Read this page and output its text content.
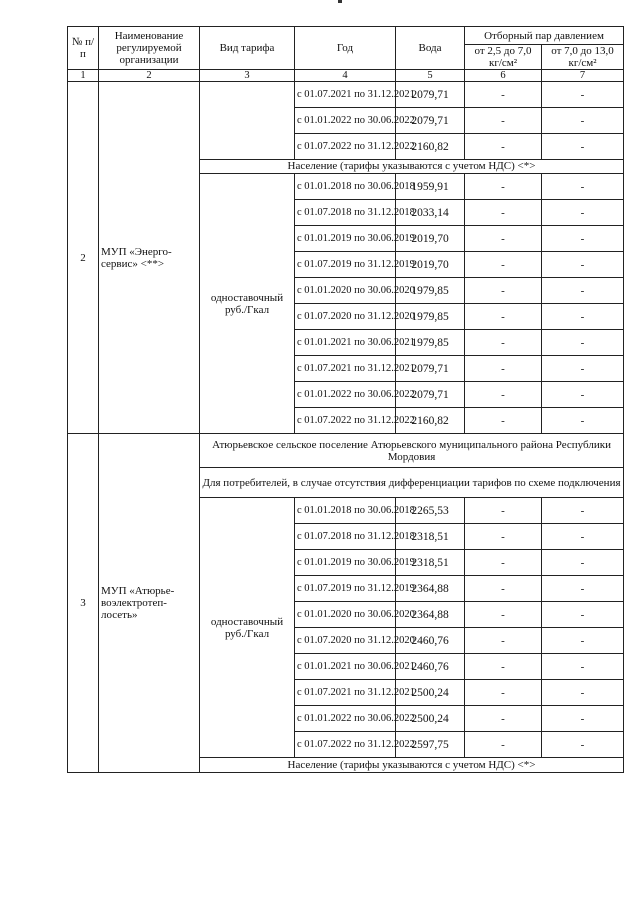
№ п/п	Наименование регулируемой организации	Вид тарифа	Год	Вода	Отборный пар давлением	
					от 2,5 до 7,0 кг/см²	от 7,0 до 13,0 кг/см²
1	2	3	4	5	6	7
2	МУП «Энерго-сервис» <**>		с 01.07.2021 по 31.12.2021	2079,71	-	-
			с 01.01.2022 по 30.06.2022	2079,71	-	-
			с 01.07.2022 по 31.12.2022	2160,82	-	-
		Население (тарифы указываются с учетом НДС) <*>				
		одноставочный руб./Гкал	с 01.01.2018 по 30.06.2018	1959,91	-	-
			с 01.07.2018 по 31.12.2018	2033,14	-	-
			с 01.01.2019 по 30.06.2019	2019,70	-	-
			с 01.07.2019 по 31.12.2019	2019,70	-	-
			с 01.01.2020 по 30.06.2020	1979,85	-	-
			с 01.07.2020 по 31.12.2020	1979,85	-	-
			с 01.01.2021 по 30.06.2021	1979,85	-	-
			с 01.07.2021 по 31.12.2021	2079,71	-	-
			с 01.01.2022 по 30.06.2022	2079,71	-	-
			с 01.07.2022 по 31.12.2022	2160,82	-	-
3	МУП «Атюрье-воэлектротеп-лосеть»	Атюрьевское сельское поселение Атюрьевского муниципального района Республики Мордовия				
		Для потребителей, в случае отсутствия дифференциации тарифов по схеме подключения				
		одноставочный руб./Гкал	с 01.01.2018 по 30.06.2018	2265,53	-	-
			с 01.07.2018 по 31.12.2018	2318,51	-	-
			с 01.01.2019 по 30.06.2019	2318,51	-	-
			с 01.07.2019 по 31.12.2019	2364,88	-	-
			с 01.01.2020 по 30.06.2020	2364,88	-	-
			с 01.07.2020 по 31.12.2020	2460,76	-	-
			с 01.01.2021 по 30.06.2021	2460,76	-	-
			с 01.07.2021 по 31.12.2021	2500,24	-	-
			с 01.01.2022 по 30.06.2022	2500,24	-	-
			с 01.07.2022 по 31.12.2022	2597,75	-	-
		Население (тарифы указываются с учетом НДС) <*>				
